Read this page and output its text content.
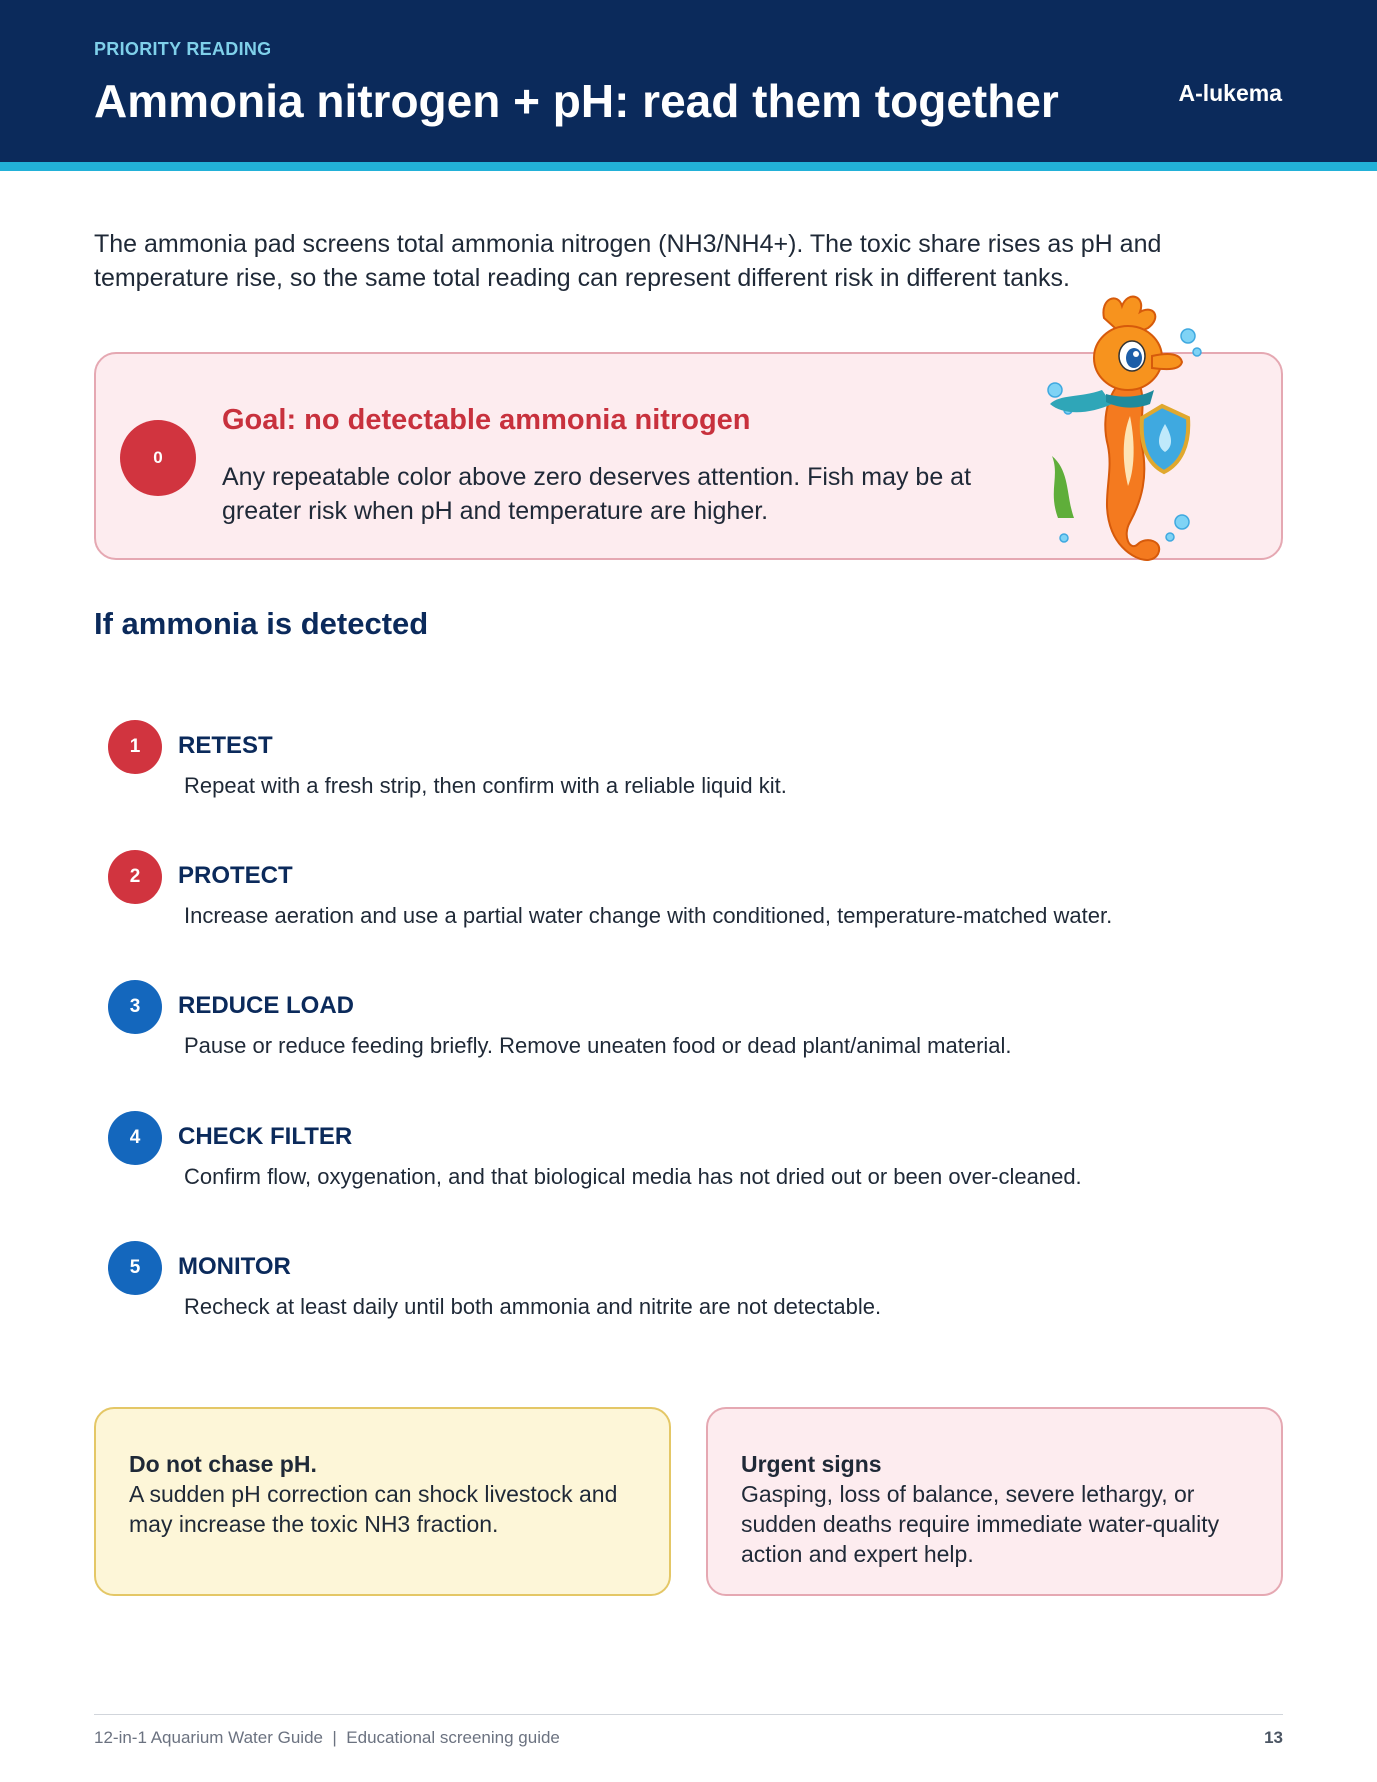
PRIORITY READING
Ammonia nitrogen + pH: read them together	A-lukema

The ammonia pad screens total ammonia nitrogen (NH3/NH4+). The toxic share rises as pH and temperature rise, so the same total reading can represent different risk in different tanks.

0
Goal: no detectable ammonia nitrogen
Any repeatable color above zero deserves attention. Fish may be at greater risk when pH and temperature are higher.
If ammonia is detected
1	RETEST
Repeat with a fresh strip, then confirm with a reliable liquid kit.
2	PROTECT
Increase aeration and use a partial water change with conditioned, temperature-matched water.
3	REDUCE LOAD
Pause or reduce feeding briefly. Remove uneaten food or dead plant/animal material.
4	CHECK FILTER
Confirm flow, oxygenation, and that biological media has not dried out or been over-cleaned.
5	MONITOR
Recheck at least daily until both ammonia and nitrite are not detectable.
Do not chase pH.
A sudden pH correction can shock livestock and may increase the toxic NH3 fraction.
Urgent signs
Gasping, loss of balance, severe lethargy, or sudden deaths require immediate water-quality action and expert help.
12-in-1 Aquarium Water Guide  |  Educational screening guide	13
